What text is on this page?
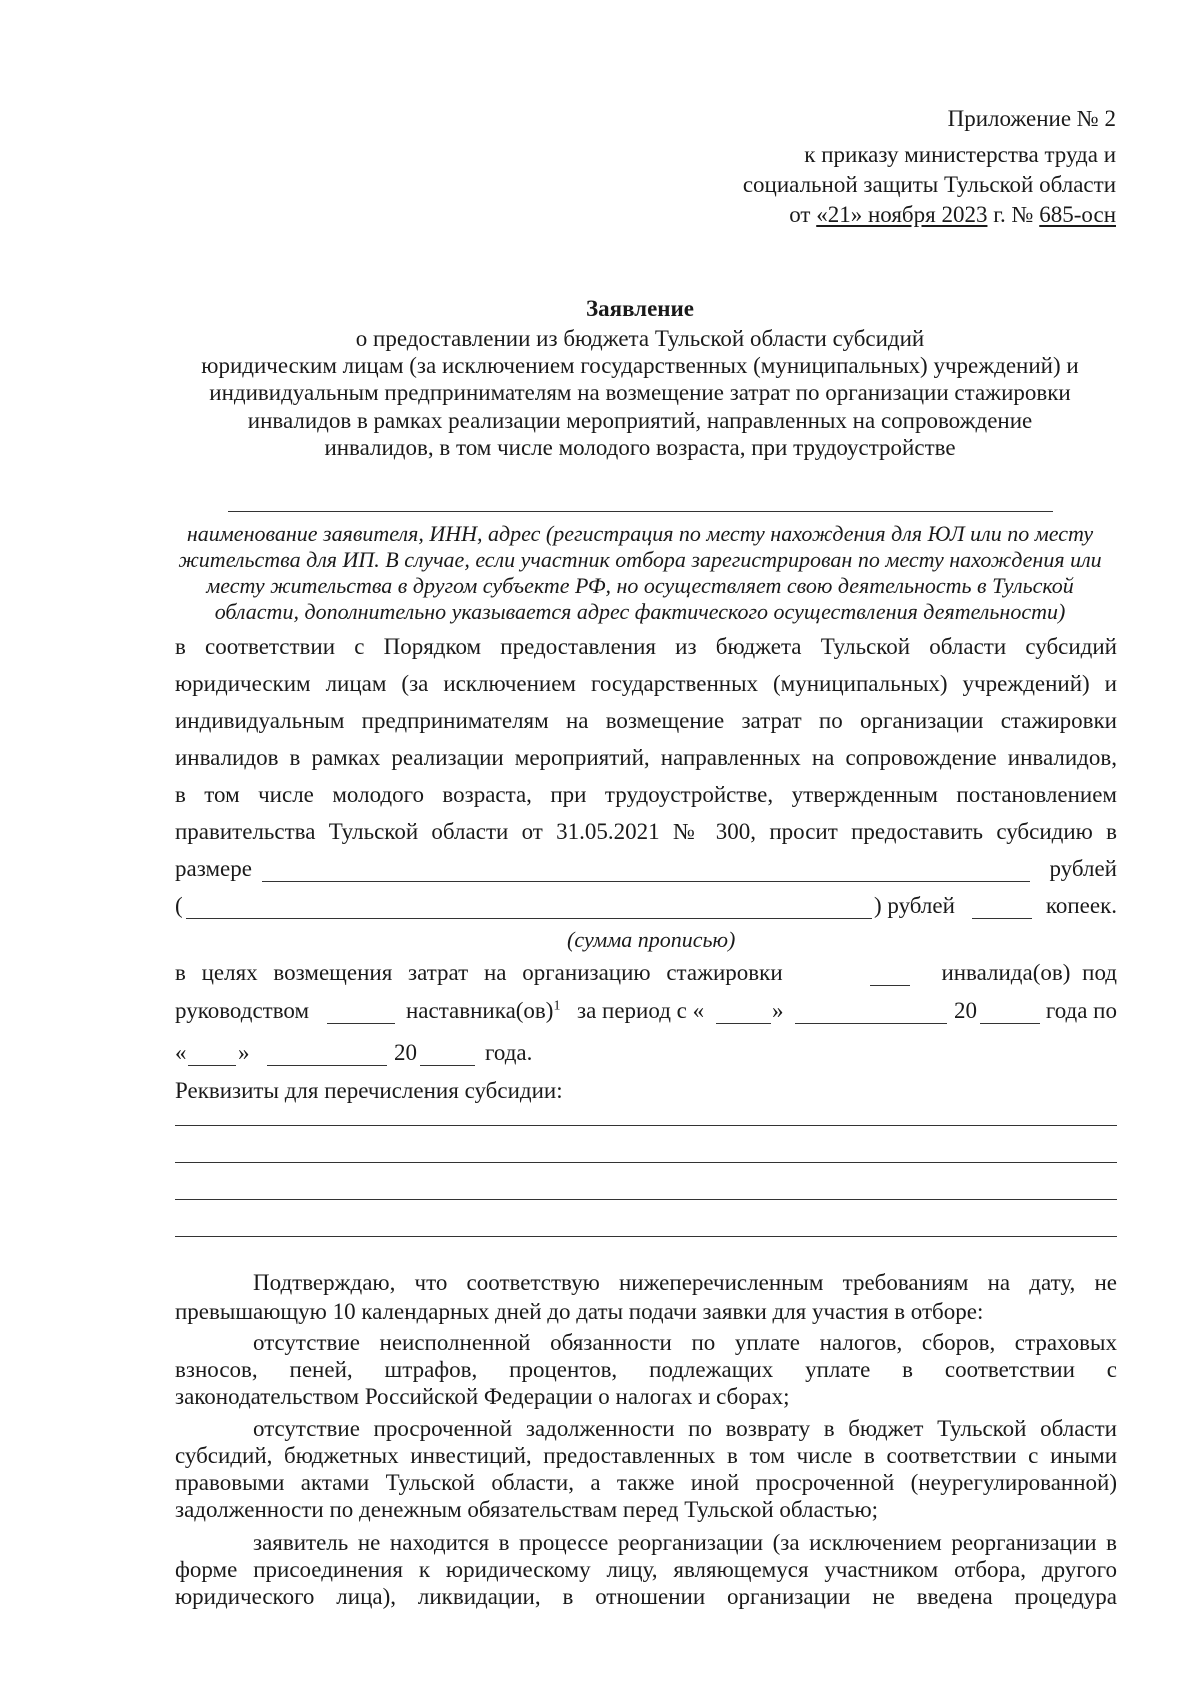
Приложение № 2
к приказу министерства труда и
социальной защиты Тульской области
от «21» ноября 2023 г. № 685-осн
Заявление
о предоставлении из бюджета Тульской области субсидий
юридическим лицам (за исключением государственных (муниципальных) учреждений) и
индивидуальным предпринимателям на возмещение затрат по организации стажировки
инвалидов в рамках реализации мероприятий, направленных на сопровождение
инвалидов, в том числе молодого возраста, при трудоустройстве
наименование заявителя, ИНН, адрес (регистрация по месту нахождения для ЮЛ или по месту
жительства для ИП. В случае, если участник отбора зарегистрирован по месту нахождения или
месту жительства в другом субъекте РФ, но осуществляет свою деятельность в Тульской
области, дополнительно указывается адрес фактического осуществления деятельности)
в соответствии с Порядком предоставления из бюджета Тульской области субсидий
юридическим лицам (за исключением государственных (муниципальных) учреждений) и
индивидуальным предпринимателям на возмещение затрат по организации стажировки
инвалидов в рамках реализации мероприятий, направленных на сопровождение инвалидов,
в том числе молодого возраста, при трудоустройстве, утвержденным постановлением
правительства Тульской области от 31.05.2021 № 300, просит предоставить субсидию в
размере	рублей
(	) рублей	копеек.
(сумма прописью)
в целях возмещения затрат на организацию стажировки	инвалида(ов) под
руководством	наставника(ов)$^1$ за период с «	»	20	года по
« »	20	года.
Реквизиты для перечисления субсидии:
Подтверждаю, что соответствую нижеперечисленным требованиям на дату, не
превышающую 10 календарных дней до даты подачи заявки для участия в отборе:
отсутствие неисполненной обязанности по уплате налогов, сборов, страховых
взносов, пеней, штрафов, процентов, подлежащих уплате в соответствии с
законодательством Российской Федерации о налогах и сборах;
отсутствие просроченной задолженности по возврату в бюджет Тульской области
субсидий, бюджетных инвестиций, предоставленных в том числе в соответствии с иными
правовыми актами Тульской области, а также иной просроченной (неурегулированной)
задолженности по денежным обязательствам перед Тульской областью;
заявитель не находится в процессе реорганизации (за исключением реорганизации в
форме присоединения к юридическому лицу, являющемуся участником отбора, другого
юридического лица), ликвидации, в отношении организации не введена процедура
